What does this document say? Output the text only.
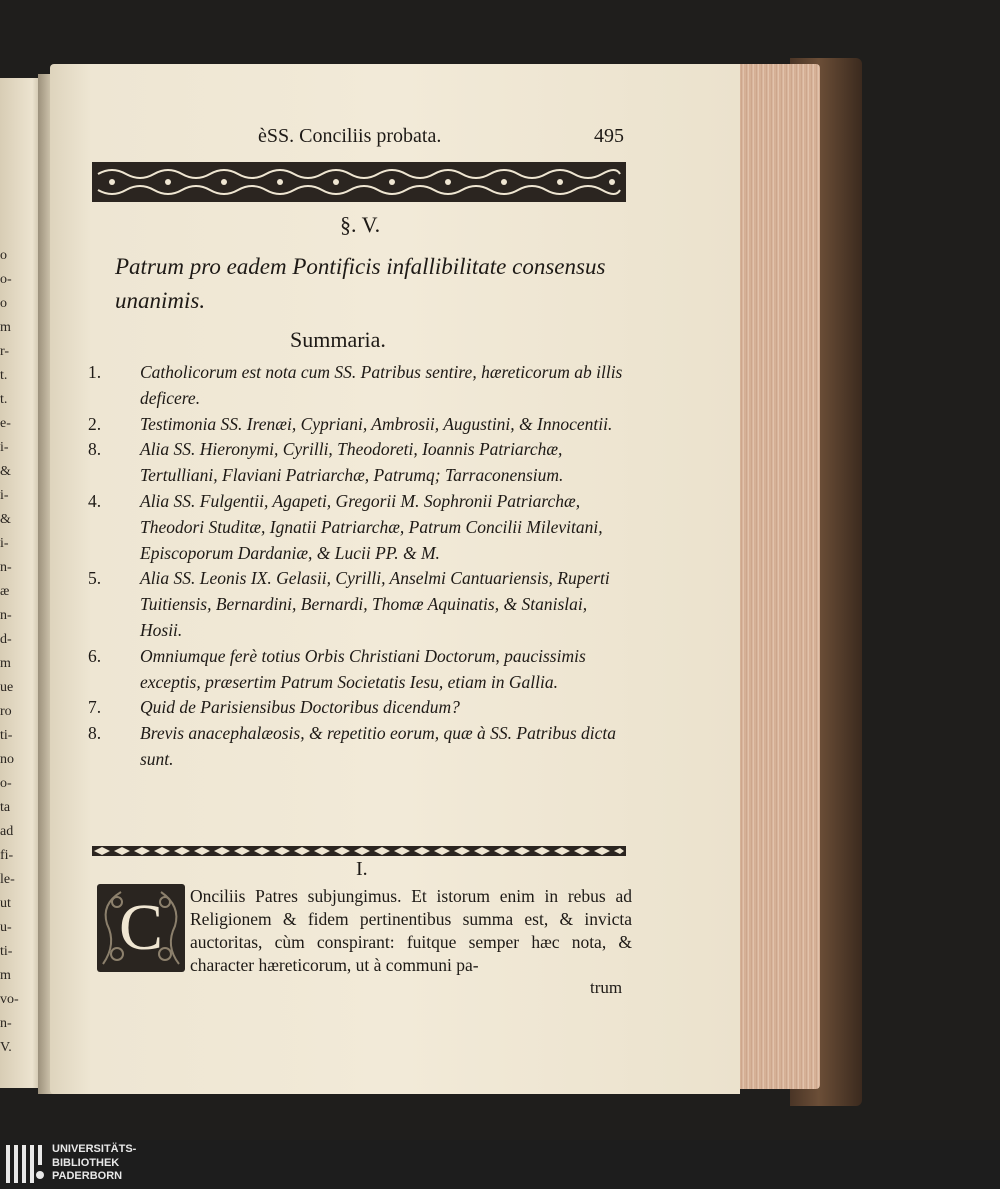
o
o-
o
m
r-
t.
t.
e-
i-
&
i-
&
i-
n-
æ
n-
d-
m
ue
ro
ti-
no
o-
ta
ad
fi-
le-
ut
u-
ti-
m
vo-
n-
V.
èSS. Conciliis probata.	495
§. V.
Patrum pro eadem Pontificis infallibilitate consensus unanimis.
Summaria.
1.	Catholicorum est nota cum SS. Patribus sentire, hæreticorum ab illis deficere.
2.	Testimonia SS. Irenæi, Cypriani, Ambrosii, Augustini, & Innocentii.
8.	Alia SS. Hieronymi, Cyrilli, Theodoreti, Ioannis Patriarchæ, Tertulliani, Flaviani Patriarchæ, Patrumq; Tarraconensium.
4.	Alia SS. Fulgentii, Agapeti, Gregorii M. Sophronii Patriarchæ, Theodori Studitæ, Ignatii Patriarchæ, Patrum Concilii Milevitani, Episcoporum Dardaniæ, & Lucii PP. & M.
5.	Alia SS. Leonis IX. Gelasii, Cyrilli, Anselmi Cantuariensis, Ruperti Tuitiensis, Bernardini, Bernardi, Thomæ Aquinatis, & Stanislai, Hosii.
6.	Omniumque ferè totius Orbis Christiani Doctorum, paucissimis exceptis, præsertim Patrum Societatis Iesu, etiam in Gallia.
7.	Quid de Parisiensibus Doctoribus dicendum?
8.	Brevis anacephalæosis, & repetitio eorum, quæ à SS. Patribus dicta sunt.
I.
C	Onciliis Patres subjungimus. Et istorum enim in rebus ad Religionem & fidem pertinentibus summa est, & invicta auctoritas, cùm conspirant: fuitque semper hæc nota, & character hæreticorum, ut à communi pa-
trum
UNIVERSITÄTS-
BIBLIOTHEK
PADERBORN
